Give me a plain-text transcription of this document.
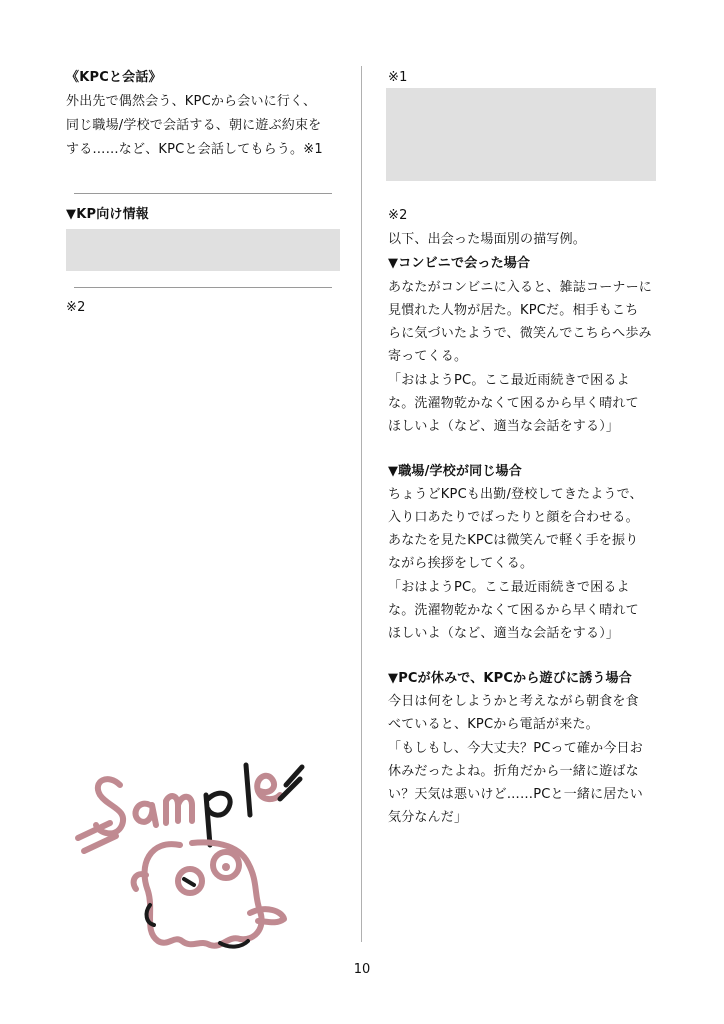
《KPCと会話》
外出先で偶然会う、KPCから会いに行く、
同じ職場/学校で会話する、朝に遊ぶ約束を
する……など、KPCと会話してもらう。※1
▼KP向け情報
※2
※1
※2
以下、出会った場面別の描写例。
▼コンビニで会った場合
あなたがコンビニに入ると、雑誌コーナーに
見慣れた人物が居た。KPCだ。相手もこち
らに気づいたようで、微笑んでこちらへ歩み
寄ってくる。
「おはようPC。ここ最近雨続きで困るよ
な。洗濯物乾かなくて困るから早く晴れて
ほしいよ（など、適当な会話をする）」
▼職場/学校が同じ場合
ちょうどKPCも出勤/登校してきたようで、
入り口あたりでばったりと顔を合わせる。
あなたを見たKPCは微笑んで軽く手を振り
ながら挨拶をしてくる。
「おはようPC。ここ最近雨続きで困るよ
な。洗濯物乾かなくて困るから早く晴れて
ほしいよ（など、適当な会話をする）」
▼PCが休みで、KPCから遊びに誘う場合
今日は何をしようかと考えながら朝食を食
べていると、KPCから電話が来た。
「もしもし、今大丈夫？PCって確か今日お
休みだったよね。折角だから一緒に遊ばな
い？天気は悪いけど……PCと一緒に居たい
気分なんだ」
10
